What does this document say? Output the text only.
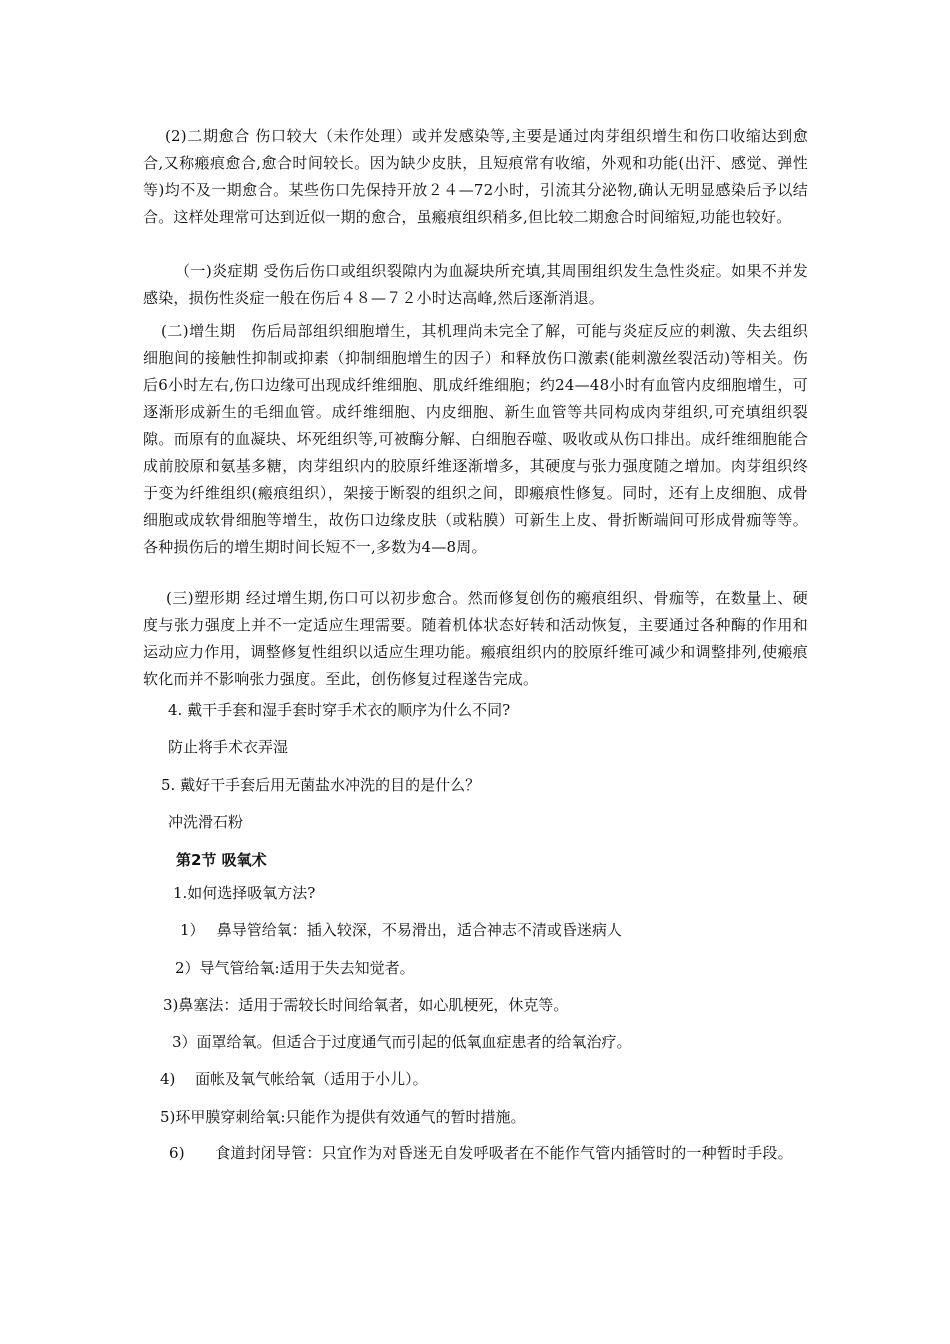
(2)二期愈合 伤口较大（未作处理）或并发感染等,主要是通过肉芽组织增生和伤口收缩达到愈合,又称瘢痕愈合,愈合时间较长。因为缺少皮肤，且短痕常有收缩，外观和功能(出汗、感觉、弹性等)均不及一期愈合。某些伤口先保持开放２４—72小时，引流其分泌物,确认无明显感染后予以结合。这样处理常可达到近似一期的愈合，虽瘢痕组织稍多,但比较二期愈合时间缩短,功能也较好。

（一)炎症期 受伤后伤口或组织裂隙内为血凝块所充填,其周围组织发生急性炎症。如果不并发感染，损伤性炎症一般在伤后４８—７２小时达高峰,然后逐渐消退。

(二)增生期　伤后局部组织细胞增生，其机理尚未完全了解，可能与炎症反应的刺激、失去组织细胞间的接触性抑制或抑素（抑制细胞增生的因子）和释放伤口激素(能刺激丝裂活动)等相关。伤后6小时左右,伤口边缘可出现成纤维细胞、肌成纤维细胞；约24—48小时有血管内皮细胞增生，可逐渐形成新生的毛细血管。成纤维细胞、内皮细胞、新生血管等共同构成肉芽组织,可充填组织裂隙。而原有的血凝块、坏死组织等,可被酶分解、白细胞吞噬、吸收或从伤口排出。成纤维细胞能合成前胶原和氨基多糖，肉芽组织内的胶原纤维逐渐增多，其硬度与张力强度随之增加。肉芽组织终于变为纤维组织(瘢痕组织），架接于断裂的组织之间，即瘢痕性修复。同时，还有上皮细胞、成骨细胞或成软骨细胞等增生，故伤口边缘皮肤（或粘膜）可新生上皮、骨折断端间可形成骨痂等等。各种损伤后的增生期时间长短不一,多数为4—8周。

(三)塑形期 经过增生期,伤口可以初步愈合。然而修复创伤的瘢痕组织、骨痂等，在数量上、硬度与张力强度上并不一定适应生理需要。随着机体状态好转和活动恢复，主要通过各种酶的作用和运动应力作用，调整修复性组织以适应生理功能。瘢痕组织内的胶原纤维可减少和调整排列,使瘢痕软化而并不影响张力强度。至此，创伤修复过程遂告完成。

4. 戴干手套和湿手套时穿手术衣的顺序为什么不同?

防止将手术衣弄湿

5. 戴好干手套后用无菌盐水冲洗的目的是什么？

冲洗滑石粉

第2节 吸氧术

1.如何选择吸氧方法?

1）　 鼻导管给氧：插入较深，不易滑出，适合神志不清或昏迷病人

2）导气管给氧:适用于失去知觉者。

3)鼻塞法：适用于需较长时间给氧者，如心肌梗死，休克等。

3）面罩给氧。但适合于过度通气而引起的低氧血症患者的给氧治疗。

4)　 面帐及氧气帐给氧（适用于小儿）。

5)环甲膜穿刺给氧:只能作为提供有效通气的暂时措施。

6)　　食道封闭导管：只宜作为对昏迷无自发呼吸者在不能作气管内插管时的一种暂时手段。
